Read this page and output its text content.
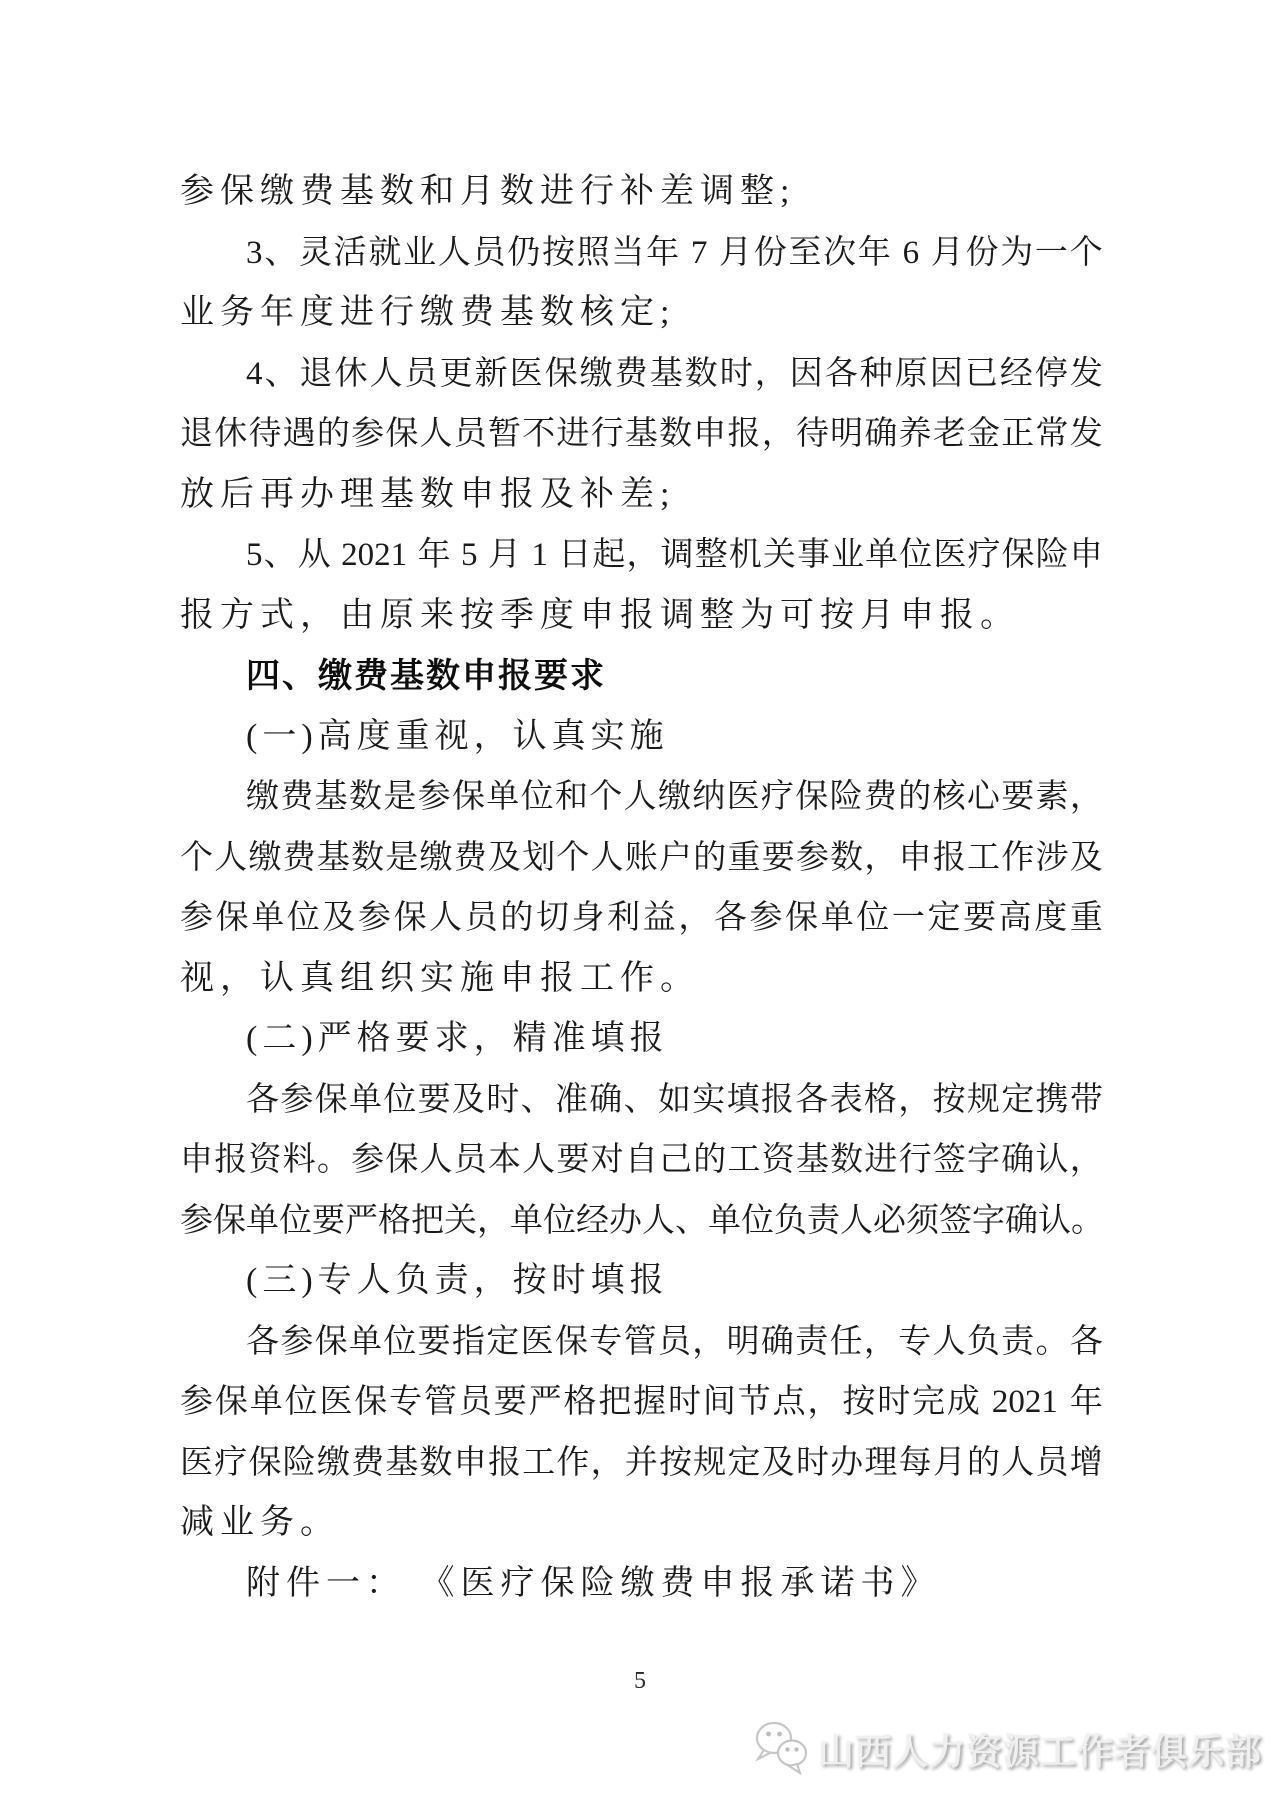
参保缴费基数和月数进行补差调整;
3 、 灵 活 就 业 人 员 仍 按 照 当 年
7
月 份 至 次 年
6
月 份 为 一 个
业务年度进行缴费基数核定;
4 、 退 休 人 员 更 新 医 保 缴 费 基 数 时 ， 因 各 种 原 因 已 经 停 发
退 休 待 遇 的 参 保 人 员 暂 不 进 行 基 数 申 报 ， 待 明 确 养 老 金 正 常 发
放后再办理基数申报及补差;
5 、 从
2021
年
5
月
1
日 起 ， 调 整 机 关 事 业 单 位 医 疗 保 险 申
报方式，由原来按季度申报调整为可按月申报。
四、缴费基数申报要求
(一)高度重视，认真实施
缴 费 基 数 是 参 保 单 位 和 个 人 缴 纳 医 疗 保 险 费 的 核 心 要 素 ，
个 人 缴 费 基 数 是 缴 费 及 划 个 人 账 户 的 重 要 参 数 ， 申 报 工 作 涉 及
参 保 单 位 及 参 保 人 员 的 切 身 利 益 ， 各 参 保 单 位 一 定 要 高 度 重
视，认真组织实施申报工作。
(二)严格要求，精准填报
各 参 保 单 位 要 及 时 、 准 确 、 如 实 填 报 各 表 格 ， 按 规 定 携 带
申 报 资 料 。 参 保 人 员 本 人 要 对 自 己 的 工 资 基 数 进 行 签 字 确 认 ，
参 保 单 位 要 严 格 把 关 ， 单 位 经 办 人 、 单 位 负 责 人 必 须 签 字 确 认 。
(三)专人负责，按时填报
各 参 保 单 位 要 指 定 医 保 专 管 员 ， 明 确 责 任 ， 专 人 负 责 。 各
参 保 单 位 医 保 专 管 员 要 严 格 把 握 时 间 节 点 ， 按 时 完 成
2021
年
医 疗 保 险 缴 费 基 数 申 报 工 作 ， 并 按 规 定 及 时 办 理 每 月 的 人 员 增
减业务。
附件一： 《医疗保险缴费申报承诺书》
5
山西人力资源工作者俱乐部
